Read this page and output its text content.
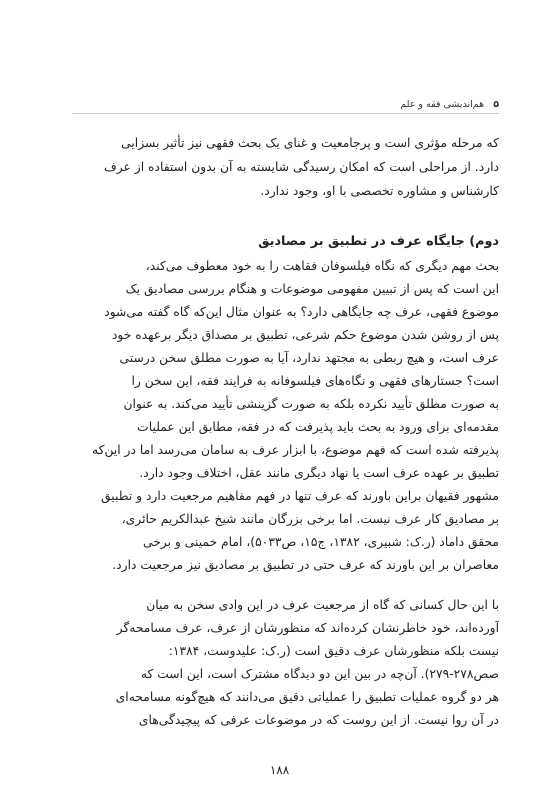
۵ هم‌اندیشی فقه و علم
که مرحله مؤثری است و پرجامعیت و غنای یک بحث فقهی نیز تأثیر بسزایی
دارد. از مراحلی است که امکان رسیدگی شایسته به آن بدون استفاده از عرف
کارشناس و مشاوره تخصصی با او، وجود ندارد.
دوم) جایگاه عرف در تطبیق بر مصادیق
بحث مهم دیگری که نگاه فیلسوفان فقاهت را به خود معطوف می‌کند،
این است که پس از تبیین مفهومی موضوعات و هنگام بررسی مصادیق یک
موضوع فقهی، عرف چه جایگاهی دارد؟ به عنوان مثال این‌که گاه گفته می‌شود
پس از روشن شدن موضوع حکم شرعی، تطبیق بر مصداق دیگر برعهده خود
عرف است، و هیچ ربطی به مجتهد ندارد، آیا به صورت مطلق سخن درستی
است؟ جستارهای فقهی و نگاه‌های فیلسوفانه به فرایند فقه، این سخن را
به صورت مطلق تأیید نکرده بلکه به صورت گزینشی تأیید می‌کند. به عنوان
مقدمه‌ای برای ورود به بحث باید پذیرفت که در فقه، مطابق این عملیات
پذیرفته شده است که فهم موضوع، با ابزار عرف به سامان می‌رسد اما در این‌که
تطبیق بر عهده عرف است یا نهاد دیگری مانند عقل، اختلاف وجود دارد.
مشهور فقیهان براین باورند که عرف تنها در فهم مفاهیم مرجعیت دارد و تطبیق
بر مصادیق کار عرف نیست. اما برخی بزرگان مانند شیخ عبدالکریم حائری،
محقق داماد (ر.ک: شبیری، ۱۳۸۲، ج۱۵، ص۵۰۳۳)، امام خمینی و برخی
معاصران بر این باورند که عرف حتی در تطبیق بر مصادیق نیز مرجعیت دارد.
با این حال کسانی که گاه از مرجعیت عرف در این وادی سخن به میان
آورده‌اند، خود خاطرنشان کرده‌اند که منظورشان از عرف، عرف مسامحه‌گر
نیست بلکه منظورشان عرف دقیق است (ر.ک: علیدوست، ۱۳۸۴:
صص۲۷۸-۲۷۹). آن‌چه در بین این دو دیدگاه مشترک است، این است که
هر دو گروه عملیات تطبیق را عملیاتی دقیق می‌دانند که هیچ‌گونه مسامحه‌ای
در آن روا نیست. از این روست که در موضوعات عرفی که پیچیدگی‌های
۱۸۸
